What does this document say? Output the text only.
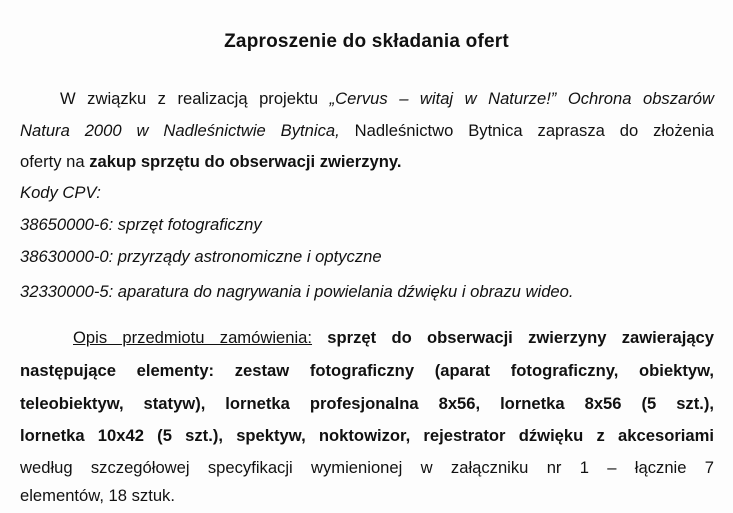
Zaproszenie do składania ofert
W związku z realizacją projektu „Cervus – witaj w Naturze!” Ochrona obszarów
Natura 2000 w Nadleśnictwie Bytnica, Nadleśnictwo Bytnica zaprasza do złożenia
oferty na zakup sprzętu do obserwacji zwierzyny.
Kody CPV:
38650000-6: sprzęt fotograficzny
38630000-0: przyrządy astronomiczne i optyczne
32330000-5: aparatura do nagrywania i powielania dźwięku i obrazu wideo.
Opis przedmiotu zamówienia: sprzęt do obserwacji zwierzyny zawierający
następujące elementy: zestaw fotograficzny (aparat fotograficzny, obiektyw,
teleobiektyw, statyw), lornetka profesjonalna 8x56, lornetka 8x56 (5 szt.),
lornetka 10x42 (5 szt.), spektyw, noktowizor, rejestrator dźwięku z akcesoriami
według szczegółowej specyfikacji wymienionej w załączniku nr 1 – łącznie 7
elementów, 18 sztuk.
